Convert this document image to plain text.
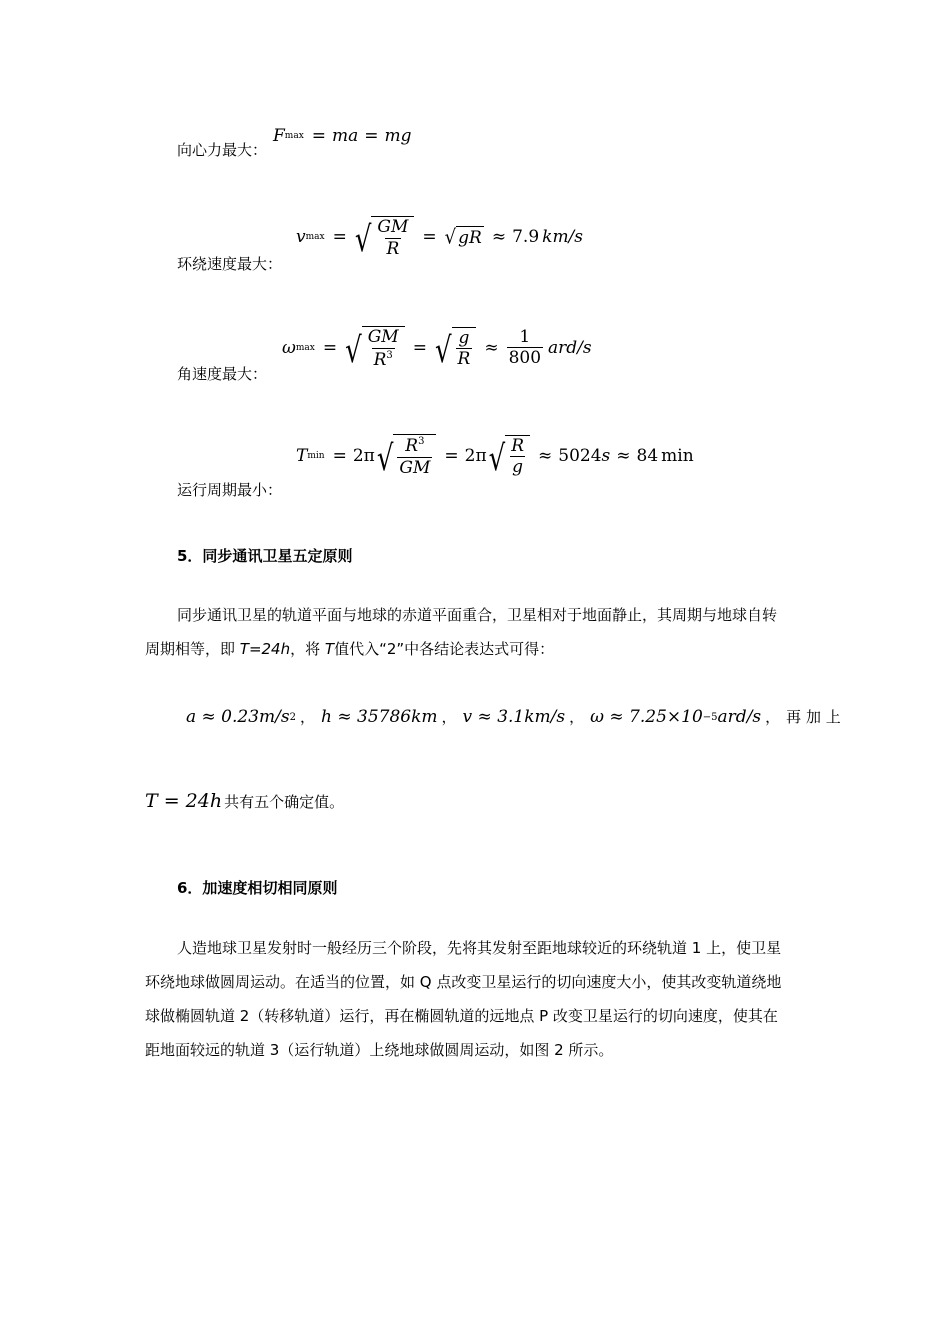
向心力最大：
F max = ma = mg
环绕速度最大：
v max = √ $\frac{GM}{R}$ = √ gR ≈ 7.9 km/s
角速度最大：
ω max = √ $\frac{GM}{R^3}$ = √ $\frac{g}{R} \approx \frac{1}{800} ard/s$
运行周期最小：
T min = 2π √ $\frac{R^3}{GM} = 2\pi$ √ $\frac{R}{g} \approx 5024$ s ≈ 84 min
5．同步通讯卫星五定原则
同步通讯卫星的轨道平面与地球的赤道平面重合，卫星相对于地面静止，其周期与地球自转周期相等，即 T=24h，将 T值代入“2”中各结论表达式可得：
a ≈ 0.23m/s 2 ， h ≈ 35786km ， v ≈ 3.1km/s ， ω ≈ 7.25×10 −5 ard/s ， 再 加 上
T = 24h 共有五个确定值。
6．加速度相切相同原则
人造地球卫星发射时一般经历三个阶段，先将其发射至距地球较近的环绕轨道 1 上，使卫星环绕地球做圆周运动。在适当的位置，如 Q 点改变卫星运行的切向速度大小，使其改变轨道绕地球做椭圆轨道 2（转移轨道）运行，再在椭圆轨道的远地点 P 改变卫星运行的切向速度，使其在距地面较远的轨道 3（运行轨道）上绕地球做圆周运动，如图 2 所示。
